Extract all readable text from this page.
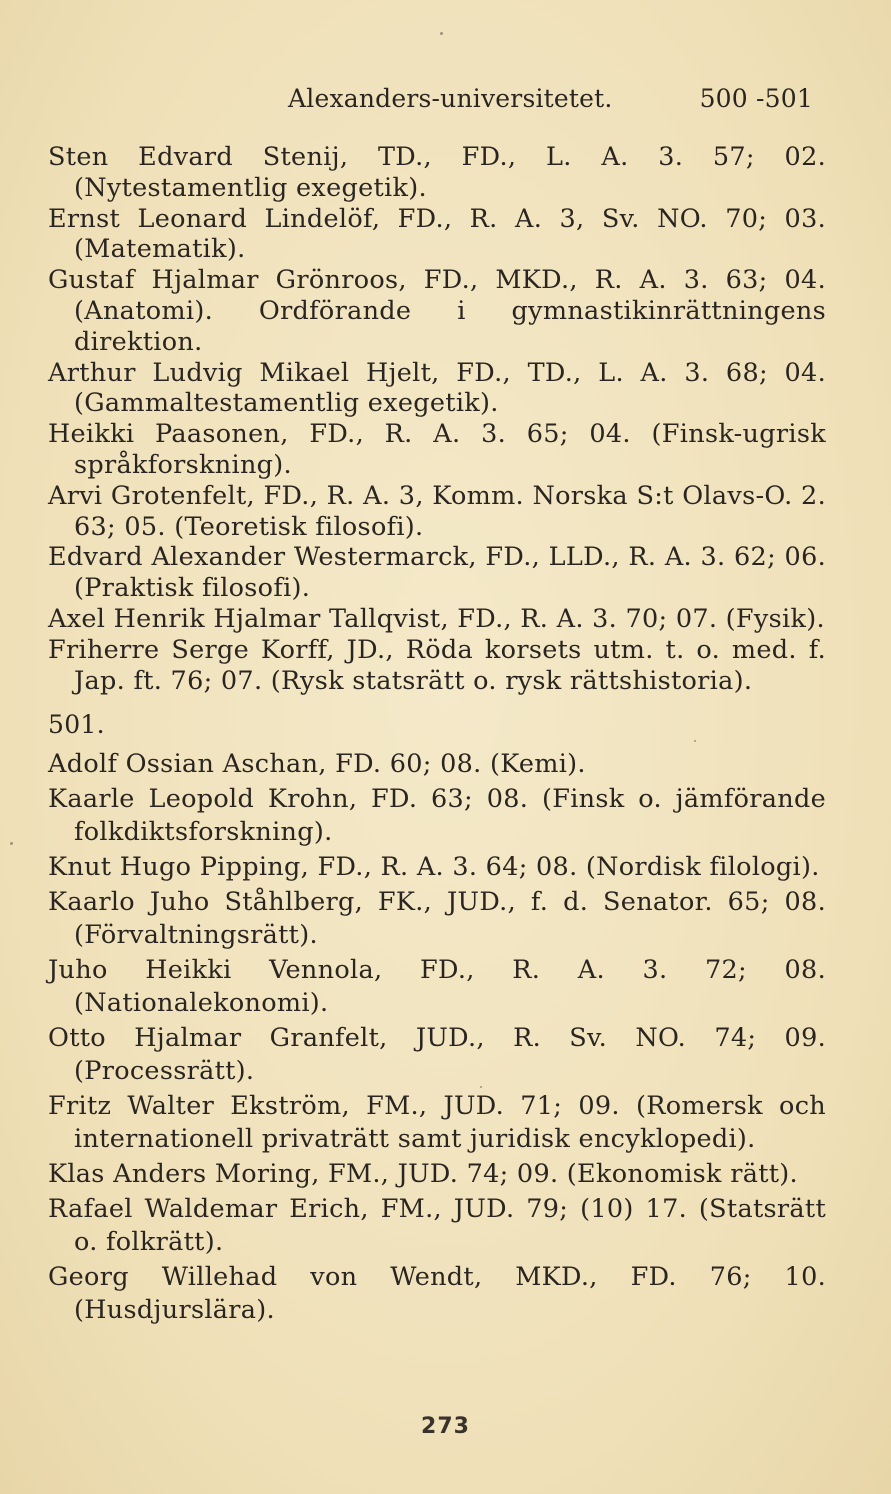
Alexanders-universitetet.	500 -501
Sten Edvard Stenij, TD., FD., L. A. 3. 57; 02. (Nytestamentlig exegetik).
Ernst Leonard Lindelöf, FD., R. A. 3, Sv. NO. 70; 03. (Matematik).
Gustaf Hjalmar Grönroos, FD., MKD., R. A. 3. 63; 04. (Anatomi). Ordförande i gymnastikinrättningens direktion.
Arthur Ludvig Mikael Hjelt, FD., TD., L. A. 3. 68; 04. (Gammaltestamentlig exegetik).
Heikki Paasonen, FD., R. A. 3. 65; 04. (Finsk-ugrisk språkforskning).
Arvi Grotenfelt, FD., R. A. 3, Komm. Norska S:t Olavs-O. 2. 63; 05. (Teoretisk filosofi).
Edvard Alexander Westermarck, FD., LLD., R. A. 3. 62; 06. (Praktisk filosofi).
Axel Henrik Hjalmar Tallqvist, FD., R. A. 3. 70; 07. (Fysik).
Friherre Serge Korff, JD., Röda korsets utm. t. o. med. f. Jap. ft. 76; 07. (Rysk statsrätt o. rysk rättshistoria).
501.
Adolf Ossian Aschan, FD. 60; 08. (Kemi).
Kaarle Leopold Krohn, FD. 63; 08. (Finsk o. jämförande folkdiktsforskning).
Knut Hugo Pipping, FD., R. A. 3. 64; 08. (Nordisk filologi).
Kaarlo Juho Ståhlberg, FK., JUD., f. d. Senator. 65; 08. (Förvaltningsrätt).
Juho Heikki Vennola, FD., R. A. 3. 72; 08. (Nationalekonomi).
Otto Hjalmar Granfelt, JUD., R. Sv. NO. 74; 09. (Processrätt).
Fritz Walter Ekström, FM., JUD. 71; 09. (Romersk och internationell privaträtt samt juridisk encyklopedi).
Klas Anders Moring, FM., JUD. 74; 09. (Ekonomisk rätt).
Rafael Waldemar Erich, FM., JUD. 79; (10) 17. (Statsrätt o. folkrätt).
Georg Willehad von Wendt, MKD., FD. 76; 10. (Husdjurslära).
273
